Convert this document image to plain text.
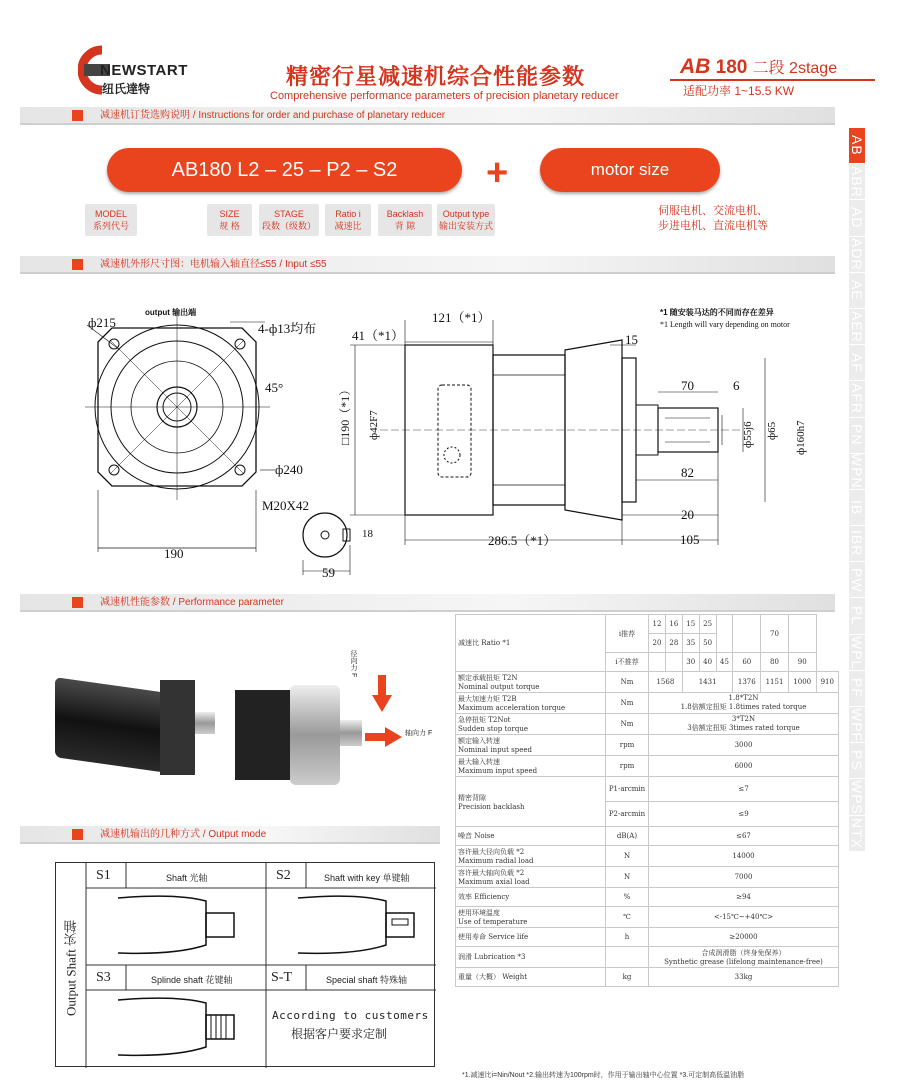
NEWSTART
纽氏達特	精密行星减速机综合性能参数
Comprehensive performance parameters of precision planetary reducer
AB 180 二段 2stage
适配功率 1~15.5 KW
AB
ABR
AD
ADR
AE
AER
AF
AFR
PN
WPN
IB
IBR
PW
PL
WPL
PF
WPF
PS
WPS
NTX
减速机订货选购说明 / Instructions for order and purchase of planetary reducer
AB180 L2 – 25 – P2 – S2	+	motor size
MODEL
系列代号
SIZE
规 格
STAGE
段数（级数）
Ratio i
减速比
Backlash
背 隙
Output type
输出安装方式
伺服电机、交流电机、
步进电机、直流电机等
减速机外形尺寸图：电机输入轴直径≤55 / Input ≤55
output 输出端
ф215	4-ф13均布
45°
ф240
190
M20X42
18
59
41（*1）
121（*1）
15
70	6
□190（*1） ф42F7	ф55j6 ф65 ф160h7
82
20
286.5（*1）	105
*1 随安装马达的不同而存在差异
*1 Length will vary depending on motor
减速机性能参数 / Performance parameter
径向力 F
轴向力 F
减速比 Ratio *1	i推荐	12	16	15	25			70		
		20	28	35	50					
	i不推荐			30	40	45	60	80	90	
额定承载扭矩 T2N
Nominal output torque	Nm	1568		1431			1376	1151	1000	910
最大加速力矩 T2B
Maximum acceleration torque	Nm	1.8*T2N
1.8倍额定扭矩 1.8times rated torque								
急停扭矩 T2Not
Sudden stop torque	Nm	3*T2N
3倍额定扭矩 3times rated torque								
额定输入转速
Nominal input speed	rpm	3000								
最大输入转速
Maximum input speed	rpm	6000								
精密背隙
Precision backlash	P1-arcmin	≤7								
	P2-arcmin	≤9								
噪音 Noise	dB(A)	≤67								
容许最大径向负载 *2
Maximum radial load	N	14000								
容许最大轴向负载 *2
Maximum axial load	N	7000								
效率 Efficiency	%	≥94								
使用环境温度
Use of temperature	℃	<-15℃~+40℃>								
使用寿命 Service life	h	≥20000								
润滑 Lubrication *3		合成润滑脂（终身免保养）
Synthetic grease (lifelong maintenance-free)								
重量（大概） Weight	kg	33kg								
*1.减速比i=Nin/Nout *2.输出转速为100rpm时，作用于输出轴中心位置 *3.可定制高低温油脂
减速机输出的几种方式 / Output mode
Output Shaft 实轴
S1	Shaft 光轴	S2	Shaft with key 单键轴
S3	Splinde shaft 花键轴	S-T	Special shaft 特殊轴
According to customers
根据客户要求定制
